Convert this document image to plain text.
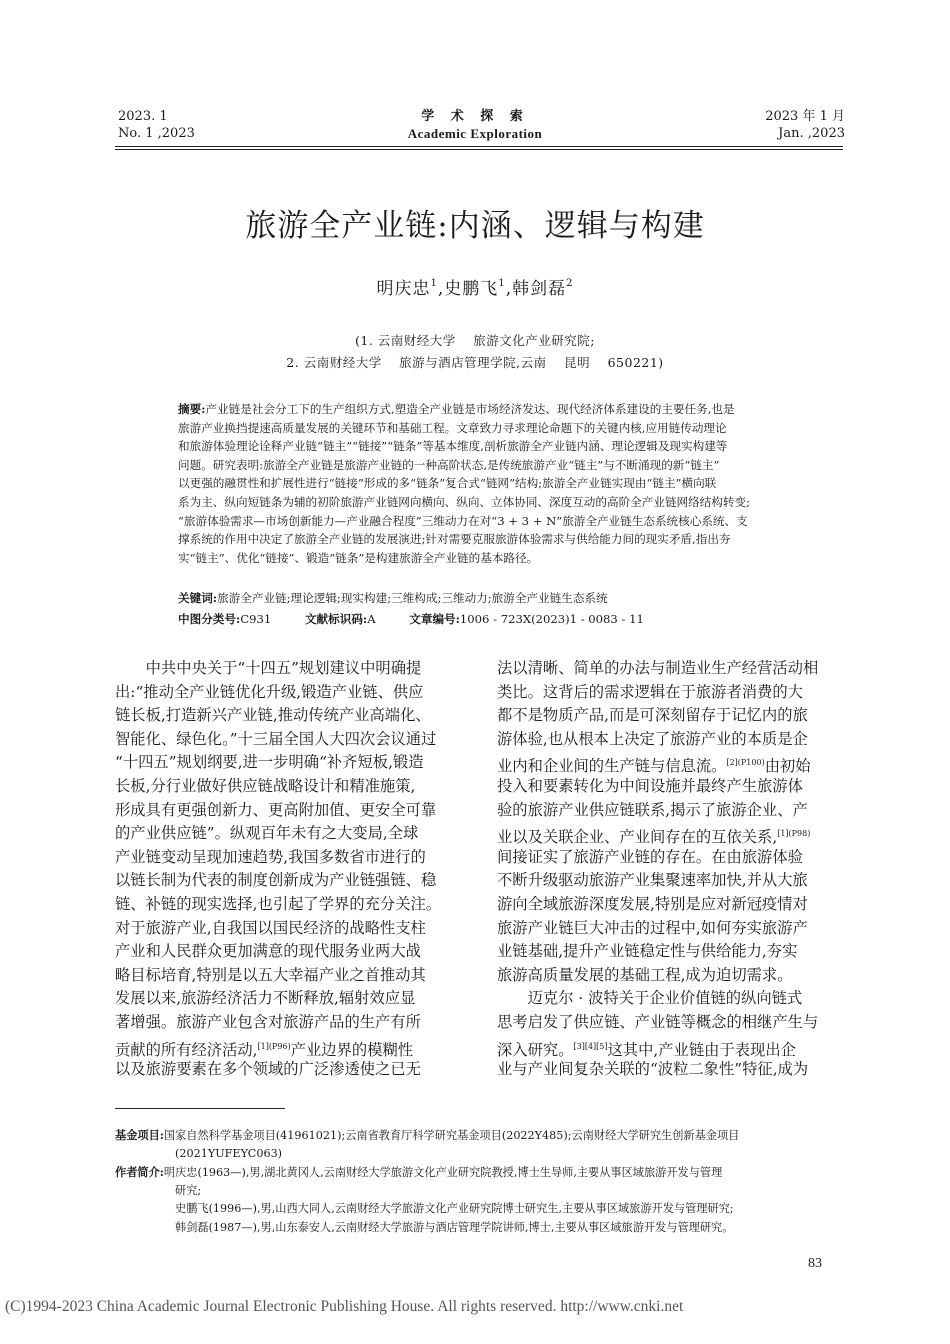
2023. 1
No. 1 ,2023
学 术 探 索
Academic Exploration
2023 年 1 月
Jan. ,2023
旅游全产业链:内涵、逻辑与构建
明庆忠$^1$,史鹏飞$^1$,韩剑磊$^2$
(1. 云南财经大学 　旅游文化产业研究院;
2. 云南财经大学 　旅游与酒店管理学院,云南 　昆明 　650221)
摘要:产业链是社会分工下的生产组织方式,塑造全产业链是市场经济发达、现代经济体系建设的主要任务,也是
旅游产业换挡提速高质量发展的关键环节和基础工程。文章致力寻求理论命题下的关键内核,应用链传动理论
和旅游体验理论诠释产业链“链主”“链接”“链条”等基本维度,剖析旅游全产业链内涵、理论逻辑及现实构建等
问题。研究表明:旅游全产业链是旅游产业链的一种高阶状态,是传统旅游产业“链主”与不断涌现的新“链主”
以更强的融贯性和扩展性进行“链接”形成的多“链条”复合式“链网”结构;旅游全产业链实现由“链主”横向联
系为主、纵向短链条为辅的初阶旅游产业链网向横向、纵向、立体协同、深度互动的高阶全产业链网络结构转变;
“旅游体验需求—市场创新能力—产业融合程度”三维动力在对“3 + 3 + N”旅游全产业链生态系统核心系统、支
撑系统的作用中决定了旅游全产业链的发展演进;针对需要克服旅游体验需求与供给能力间的现实矛盾,指出夯
实“链主”、优化“链接”、锻造“链条”是构建旅游全产业链的基本路径。
关键词:旅游全产业链;理论逻辑;现实构建;三维构成;三维动力;旅游全产业链生态系统
中图分类号:C931	文献标识码:A	文章编号:1006 - 723X(2023)1 - 0083 - 11
　　中共中央关于“十四五”规划建议中明确提
出:“推动全产业链优化升级,锻造产业链、供应
链长板,打造新兴产业链,推动传统产业高端化、
智能化、绿色化。”十三届全国人大四次会议通过
“十四五”规划纲要,进一步明确“补齐短板,锻造
长板,分行业做好供应链战略设计和精准施策,
形成具有更强创新力、更高附加值、更安全可靠
的产业供应链”。纵观百年未有之大变局,全球
产业链变动呈现加速趋势,我国多数省市进行的
以链长制为代表的制度创新成为产业链强链、稳
链、补链的现实选择,也引起了学界的充分关注。
对于旅游产业,自我国以国民经济的战略性支柱
产业和人民群众更加满意的现代服务业两大战
略目标培育,特别是以五大幸福产业之首推动其
发展以来,旅游经济活力不断释放,辐射效应显
著增强。旅游产业包含对旅游产品的生产有所
贡献的所有经济活动,$^{[1](P96)}$产业边界的模糊性
以及旅游要素在多个领域的广泛渗透使之已无
法以清晰、简单的办法与制造业生产经营活动相
类比。这背后的需求逻辑在于旅游者消费的大
都不是物质产品,而是可深刻留存于记忆内的旅
游体验,也从根本上决定了旅游产业的本质是企
业内和企业间的生产链与信息流。$^{[2](P100)}$由初始
投入和要素转化为中间设施并最终产生旅游体
验的旅游产业供应链联系,揭示了旅游企业、产
业以及关联企业、产业间存在的互依关系,$^{[1](P98)}$
间接证实了旅游产业链的存在。在由旅游体验
不断升级驱动旅游产业集聚速率加快,并从大旅
游向全域旅游深度发展,特别是应对新冠疫情对
旅游产业链巨大冲击的过程中,如何夯实旅游产
业链基础,提升产业链稳定性与供给能力,夯实
旅游高质量发展的基础工程,成为迫切需求。
　　迈克尔 · 波特关于企业价值链的纵向链式
思考启发了供应链、产业链等概念的相继产生与
深入研究。[3][4][5]这其中,产业链由于表现出企
业与产业间复杂关联的“波粒二象性”特征,成为
基金项目:国家自然科学基金项目(41961021);云南省教育厅科学研究基金项目(2022Y485);云南财经大学研究生创新基金项目
(2021YUFEYC063)
作者简介:明庆忠(1963—),男,湖北黄冈人,云南财经大学旅游文化产业研究院教授,博士生导师,主要从事区域旅游开发与管理
研究;
史鹏飞(1996—),男,山西大同人,云南财经大学旅游文化产业研究院博士研究生,主要从事区域旅游开发与管理研究;
韩剑磊(1987—),男,山东泰安人,云南财经大学旅游与酒店管理学院讲师,博士,主要从事区域旅游开发与管理研究。
83
(C)1994-2023 China Academic Journal Electronic Publishing House. All rights reserved. http://www.cnki.net
